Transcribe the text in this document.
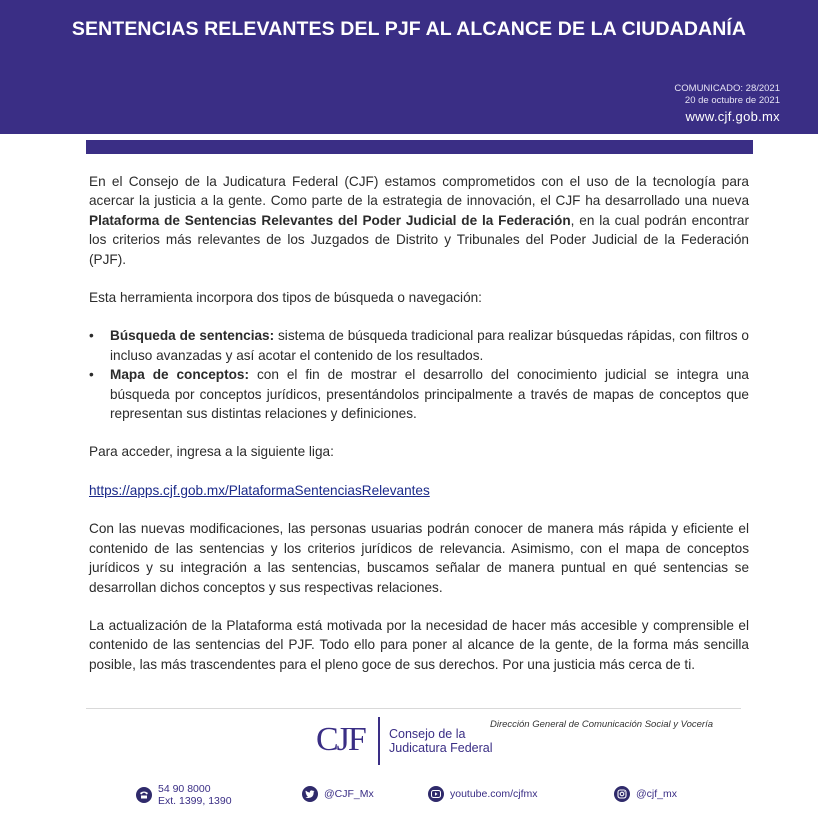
SENTENCIAS RELEVANTES DEL PJF AL ALCANCE DE LA CIUDADANÍA
COMUNICADO: 28/2021
20 de octubre de 2021
www.cjf.gob.mx

En el Consejo de la Judicatura Federal (CJF) estamos comprometidos con el uso de la tecnología para acercar la justicia a la gente. Como parte de la estrategia de innovación, el CJF ha desarrollado una nueva Plataforma de Sentencias Relevantes del Poder Judicial de la Federación, en la cual podrán encontrar los criterios más relevantes de los Juzgados de Distrito y Tribunales del Poder Judicial de la Federación (PJF).

Esta herramienta incorpora dos tipos de búsqueda o navegación:

• Búsqueda de sentencias: sistema de búsqueda tradicional para realizar búsquedas rápidas, con filtros o incluso avanzadas y así acotar el contenido de los resultados.
• Mapa de conceptos: con el fin de mostrar el desarrollo del conocimiento judicial se integra una búsqueda por conceptos jurídicos, presentándolos principalmente a través de mapas de conceptos que representan sus distintas relaciones y definiciones.

Para acceder, ingresa a la siguiente liga:

https://apps.cjf.gob.mx/PlataformaSentenciasRelevantes

Con las nuevas modificaciones, las personas usuarias podrán conocer de manera más rápida y eficiente el contenido de las sentencias y los criterios jurídicos de relevancia. Asimismo, con el mapa de conceptos jurídicos y su integración a las sentencias, buscamos señalar de manera puntual en qué sentencias se desarrollan dichos conceptos y sus respectivas relaciones.

La actualización de la Plataforma está motivada por la necesidad de hacer más accesible y comprensible el contenido de las sentencias del PJF. Todo ello para poner al alcance de la gente, de la forma más sencilla posible, las más trascendentes para el pleno goce de sus derechos. Por una justicia más cerca de ti.

CJF Consejo de la
Judicatura Federal
Dirección General de Comunicación Social y Vocería
54 90 8000
Ext. 1399, 1390
@CJF_Mx	youtube.com/cjfmx	@cjf_mx
